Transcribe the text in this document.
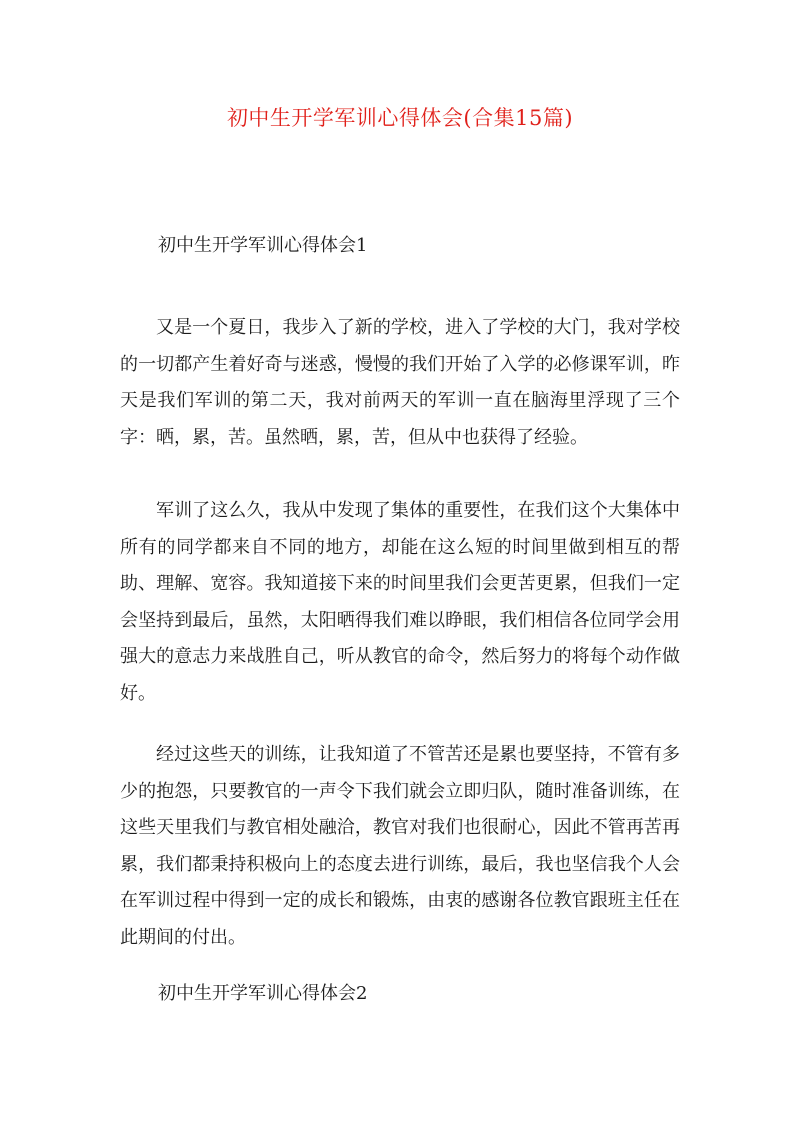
初中生开学军训心得体会(合集15篇)
初中生开学军训心得体会1

又是一个夏日，我步入了新的学校，进入了学校的大门，我对学校的一切都产生着好奇与迷惑，慢慢的我们开始了入学的必修课军训，昨天是我们军训的第二天，我对前两天的军训一直在脑海里浮现了三个字：晒，累，苦。虽然晒，累，苦，但从中也获得了经验。

军训了这么久，我从中发现了集体的重要性，在我们这个大集体中所有的同学都来自不同的地方，却能在这么短的时间里做到相互的帮助、理解、宽容。我知道接下来的时间里我们会更苦更累，但我们一定会坚持到最后，虽然，太阳晒得我们难以睁眼，我们相信各位同学会用强大的意志力来战胜自己，听从教官的命令，然后努力的将每个动作做好。

经过这些天的训练，让我知道了不管苦还是累也要坚持，不管有多少的抱怨，只要教官的一声令下我们就会立即归队，随时准备训练，在这些天里我们与教官相处融洽，教官对我们也很耐心，因此不管再苦再累，我们都秉持积极向上的态度去进行训练，最后，我也坚信我个人会在军训过程中得到一定的成长和锻炼，由衷的感谢各位教官跟班主任在此期间的付出。

初中生开学军训心得体会2
